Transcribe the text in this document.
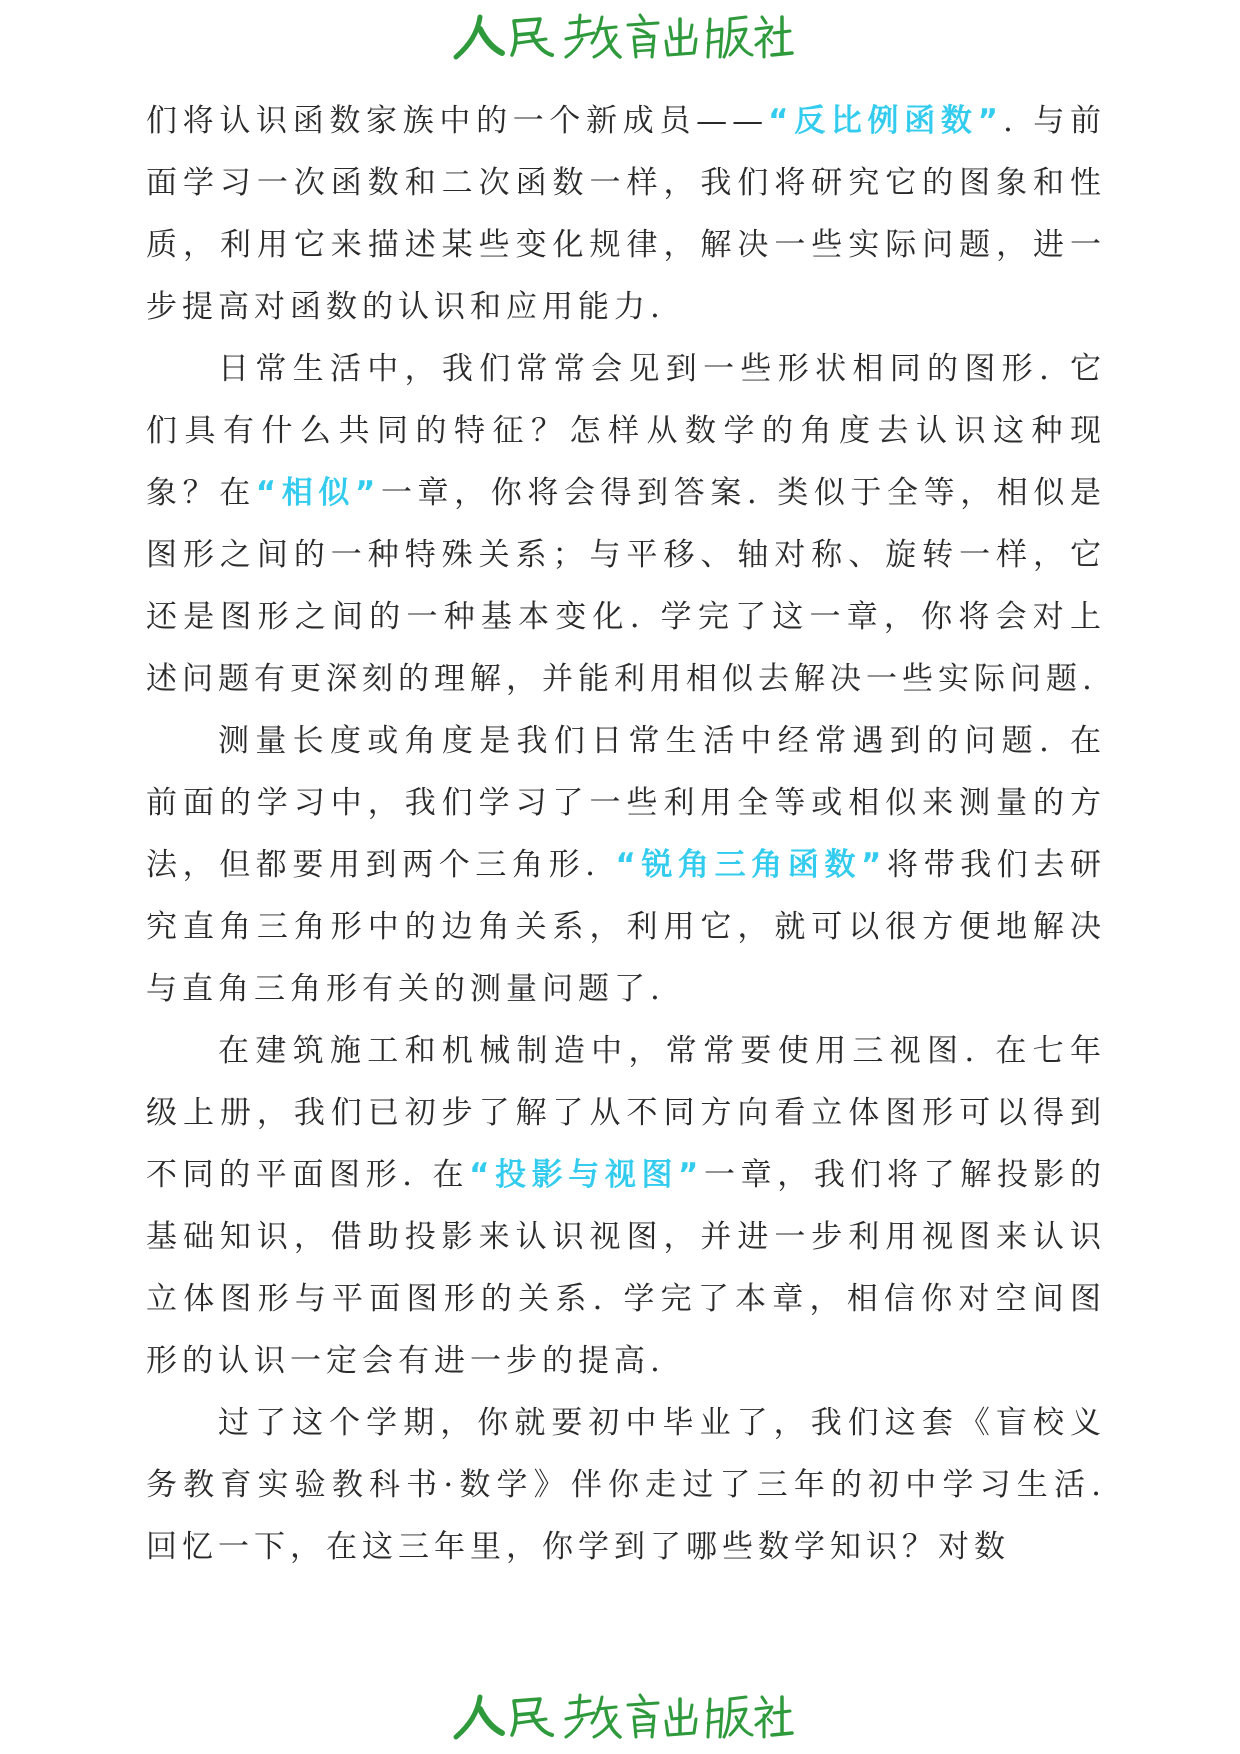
们将认识函数家族中的一个新成员——“反比例函数”. 与前面学习一次函数和二次函数一样，我们将研究它的图象和性质，利用它来描述某些变化规律，解决一些实际问题，进一步提高对函数的认识和应用能力.

日常生活中，我们常常会见到一些形状相同的图形. 它们具有什么共同的特征？怎样从数学的角度去认识这种现象？在“相似”一章，你将会得到答案. 类似于全等，相似是图形之间的一种特殊关系；与平移、轴对称、旋转一样，它还是图形之间的一种基本变化. 学完了这一章，你将会对上述问题有更深刻的理解，并能利用相似去解决一些实际问题.

测量长度或角度是我们日常生活中经常遇到的问题. 在前面的学习中，我们学习了一些利用全等或相似来测量的方法，但都要用到两个三角形. “锐角三角函数”将带我们去研究直角三角形中的边角关系，利用它，就可以很方便地解决与直角三角形有关的测量问题了.

在建筑施工和机械制造中，常常要使用三视图. 在七年级上册，我们已初步了解了从不同方向看立体图形可以得到不同的平面图形. 在“投影与视图”一章，我们将了解投影的基础知识，借助投影来认识视图，并进一步利用视图来认识立体图形与平面图形的关系. 学完了本章，相信你对空间图形的认识一定会有进一步的提高.

过了这个学期，你就要初中毕业了，我们这套《盲校义务教育实验教科书·数学》伴你走过了三年的初中学习生活. 回忆一下，在这三年里，你学到了哪些数学知识？对数
